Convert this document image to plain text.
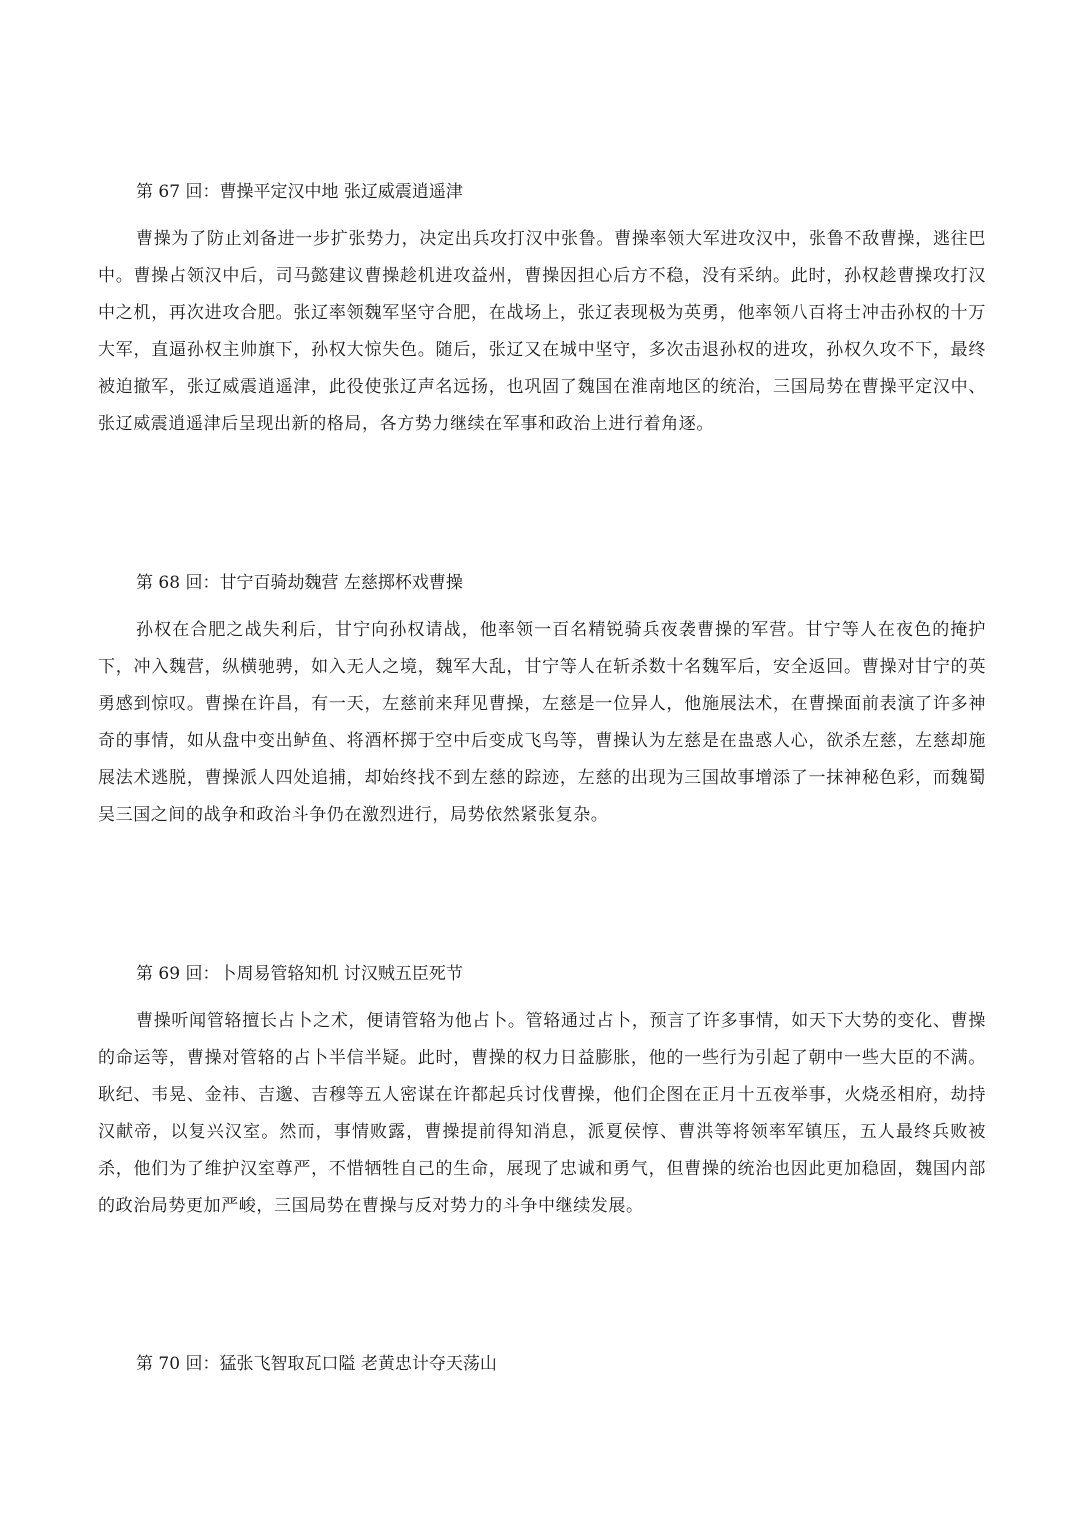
第 67 回：曹操平定汉中地 张辽威震逍遥津

曹操为了防止刘备进一步扩张势力，决定出兵攻打汉中张鲁。曹操率领大军进攻汉中，张鲁不敌曹操，逃往巴中。曹操占领汉中后，司马懿建议曹操趁机进攻益州，曹操因担心后方不稳，没有采纳。此时，孙权趁曹操攻打汉中之机，再次进攻合肥。张辽率领魏军坚守合肥，在战场上，张辽表现极为英勇，他率领八百将士冲击孙权的十万大军，直逼孙权主帅旗下，孙权大惊失色。随后，张辽又在城中坚守，多次击退孙权的进攻，孙权久攻不下，最终被迫撤军，张辽威震逍遥津，此役使张辽声名远扬，也巩固了魏国在淮南地区的统治，三国局势在曹操平定汉中、张辽威震逍遥津后呈现出新的格局，各方势力继续在军事和政治上进行着角逐。

第 68 回：甘宁百骑劫魏营 左慈掷杯戏曹操

孙权在合肥之战失利后，甘宁向孙权请战，他率领一百名精锐骑兵夜袭曹操的军营。甘宁等人在夜色的掩护下，冲入魏营，纵横驰骋，如入无人之境，魏军大乱，甘宁等人在斩杀数十名魏军后，安全返回。曹操对甘宁的英勇感到惊叹。曹操在许昌，有一天，左慈前来拜见曹操，左慈是一位异人，他施展法术，在曹操面前表演了许多神奇的事情，如从盘中变出鲈鱼、将酒杯掷于空中后变成飞鸟等，曹操认为左慈是在蛊惑人心，欲杀左慈，左慈却施展法术逃脱，曹操派人四处追捕，却始终找不到左慈的踪迹，左慈的出现为三国故事增添了一抹神秘色彩，而魏蜀吴三国之间的战争和政治斗争仍在激烈进行，局势依然紧张复杂。

第 69 回：卜周易管辂知机 讨汉贼五臣死节

曹操听闻管辂擅长占卜之术，便请管辂为他占卜。管辂通过占卜，预言了许多事情，如天下大势的变化、曹操的命运等，曹操对管辂的占卜半信半疑。此时，曹操的权力日益膨胀，他的一些行为引起了朝中一些大臣的不满。耿纪、韦晃、金祎、吉邈、吉穆等五人密谋在许都起兵讨伐曹操，他们企图在正月十五夜举事，火烧丞相府，劫持汉献帝，以复兴汉室。然而，事情败露，曹操提前得知消息，派夏侯惇、曹洪等将领率军镇压，五人最终兵败被杀，他们为了维护汉室尊严，不惜牺牲自己的生命，展现了忠诚和勇气，但曹操的统治也因此更加稳固，魏国内部的政治局势更加严峻，三国局势在曹操与反对势力的斗争中继续发展。

第 70 回：猛张飞智取瓦口隘 老黄忠计夺天荡山
